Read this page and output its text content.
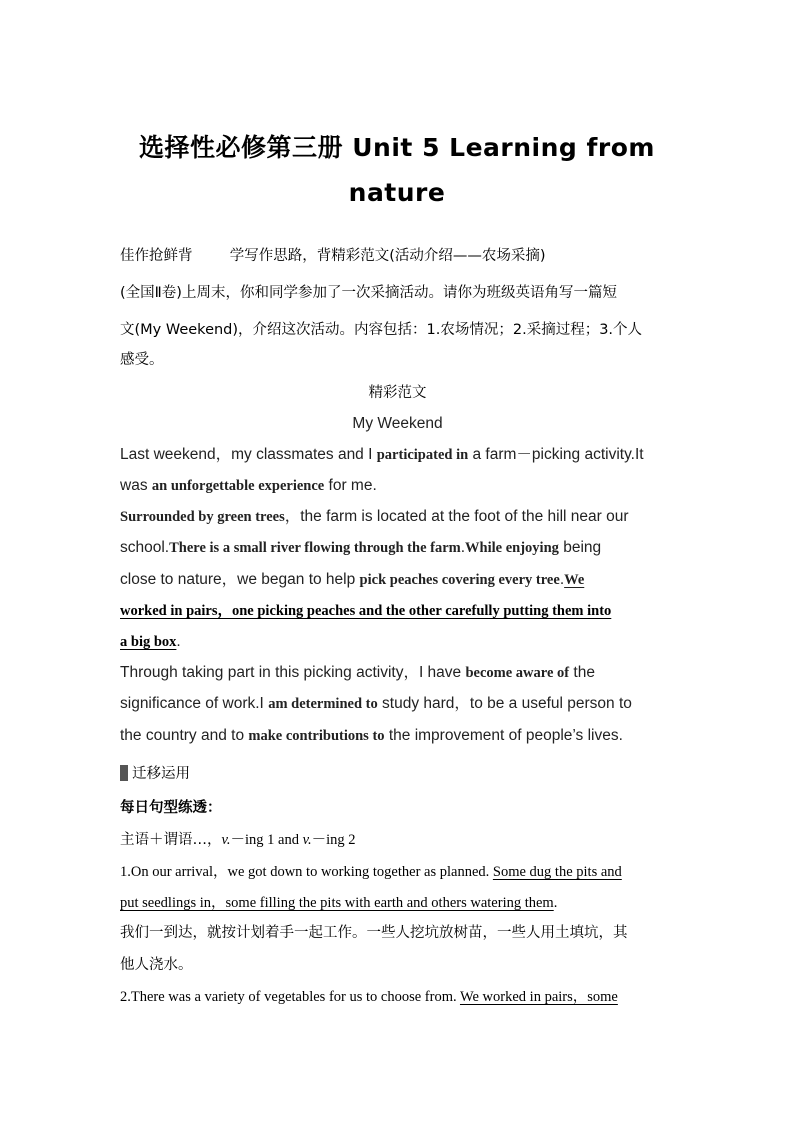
选择性必修第三册 Unit 5 Learning from
nature
佳作抢鲜背	学写作思路，背精彩范文(活动介绍——农场采摘)
(全国Ⅱ卷)上周末，你和同学参加了一次采摘活动。请你为班级英语角写一篇短
文(My Weekend)，介绍这次活动。内容包括：1.农场情况；2.采摘过程；3.个人
感受。
精彩范文
My Weekend
Last weekend，my classmates and I participated in a farm－picking activity.It
was an unforgettable experience for me.
Surrounded by green trees，the farm is located at the foot of the hill near our
school.There is a small river flowing through the farm.While enjoying being
close to nature，we began to help pick peaches covering every tree.We
worked in pairs，one picking peaches and the other carefully putting them into
a big box.
Through taking part in this picking activity，I have become aware of the
significance of work.I am determined to study hard，to be a useful person to
the country and to make contributions to the improvement of people’s lives.
迁移运用
每日句型练透：
主语＋谓语…，v.－ing 1 and v.－ing 2
1.On our arrival，we got down to working together as planned. Some dug the pits and
put seedlings in，some filling the pits with earth and others watering them.
我们一到达，就按计划着手一起工作。一些人挖坑放树苗，一些人用土填坑，其
他人浇水。
2.There was a variety of vegetables for us to choose from. We worked in pairs，some
